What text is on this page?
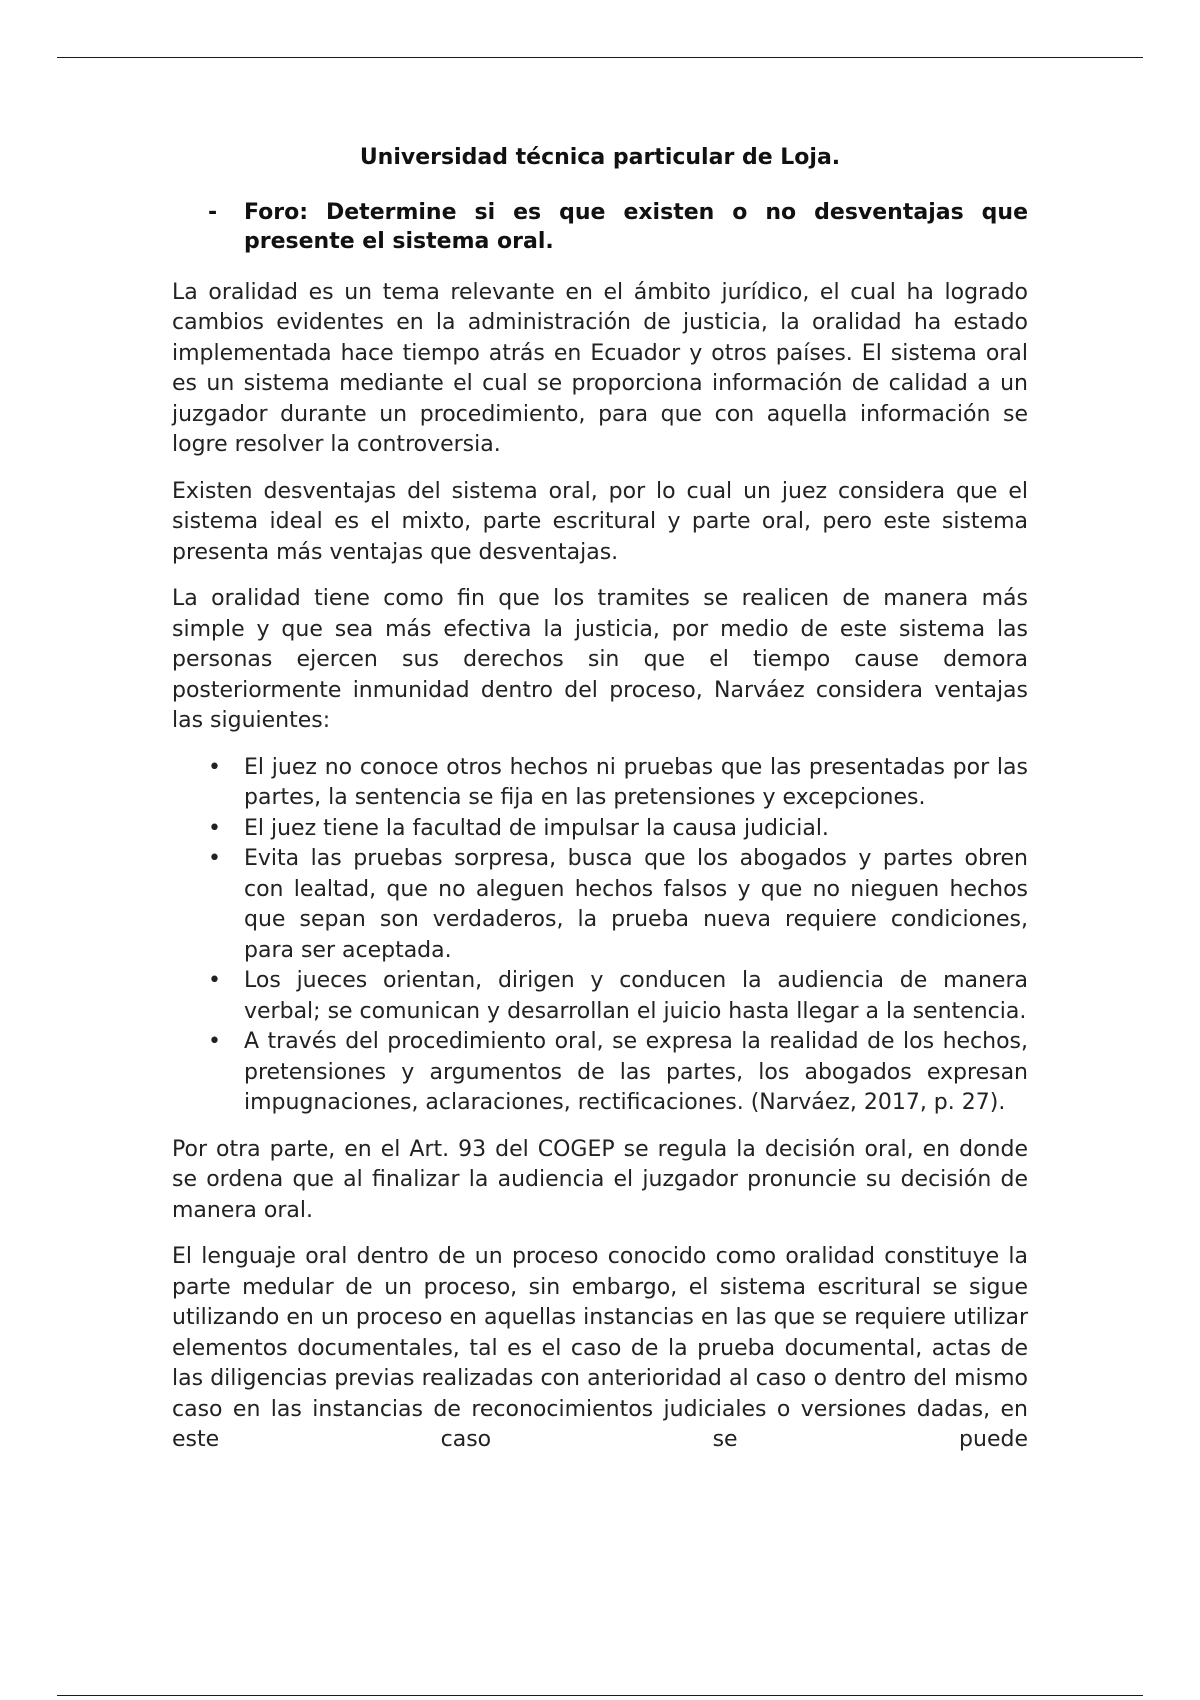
Universidad técnica particular de Loja.
- Foro: Determine si es que existen o no desventajas que presente el sistema oral.

La oralidad es un tema relevante en el ámbito jurídico, el cual ha logrado cambios evidentes en la administración de justicia, la oralidad ha estado implementada hace tiempo atrás en Ecuador y otros países. El sistema oral es un sistema mediante el cual se proporciona información de calidad a un juzgador durante un procedimiento, para que con aquella información se logre resolver la controversia.

Existen desventajas del sistema oral, por lo cual un juez considera que el sistema ideal es el mixto, parte escritural y parte oral, pero este sistema presenta más ventajas que desventajas.

La oralidad tiene como fin que los tramites se realicen de manera más simple y que sea más efectiva la justicia, por medio de este sistema las personas ejercen sus derechos sin que el tiempo cause demora posteriormente inmunidad dentro del proceso, Narváez considera ventajas las siguientes:

• El juez no conoce otros hechos ni pruebas que las presentadas por las partes, la sentencia se fija en las pretensiones y excepciones.
• El juez tiene la facultad de impulsar la causa judicial.
• Evita las pruebas sorpresa, busca que los abogados y partes obren con lealtad, que no aleguen hechos falsos y que no nieguen hechos que sepan son verdaderos, la prueba nueva requiere condiciones, para ser aceptada.
• Los jueces orientan, dirigen y conducen la audiencia de manera verbal; se comunican y desarrollan el juicio hasta llegar a la sentencia.
• A través del procedimiento oral, se expresa la realidad de los hechos, pretensiones y argumentos de las partes, los abogados expresan impugnaciones, aclaraciones, rectificaciones. (Narváez, 2017, p. 27).

Por otra parte, en el Art. 93 del COGEP se regula la decisión oral, en donde se ordena que al finalizar la audiencia el juzgador pronuncie su decisión de manera oral.

El lenguaje oral dentro de un proceso conocido como oralidad constituye la parte medular de un proceso, sin embargo, el sistema escritural se sigue utilizando en un proceso en aquellas instancias en las que se requiere utilizar elementos documentales, tal es el caso de la prueba documental, actas de las diligencias previas realizadas con anterioridad al caso o dentro del mismo caso en las instancias de reconocimientos judiciales o versiones dadas, en este caso se puede
